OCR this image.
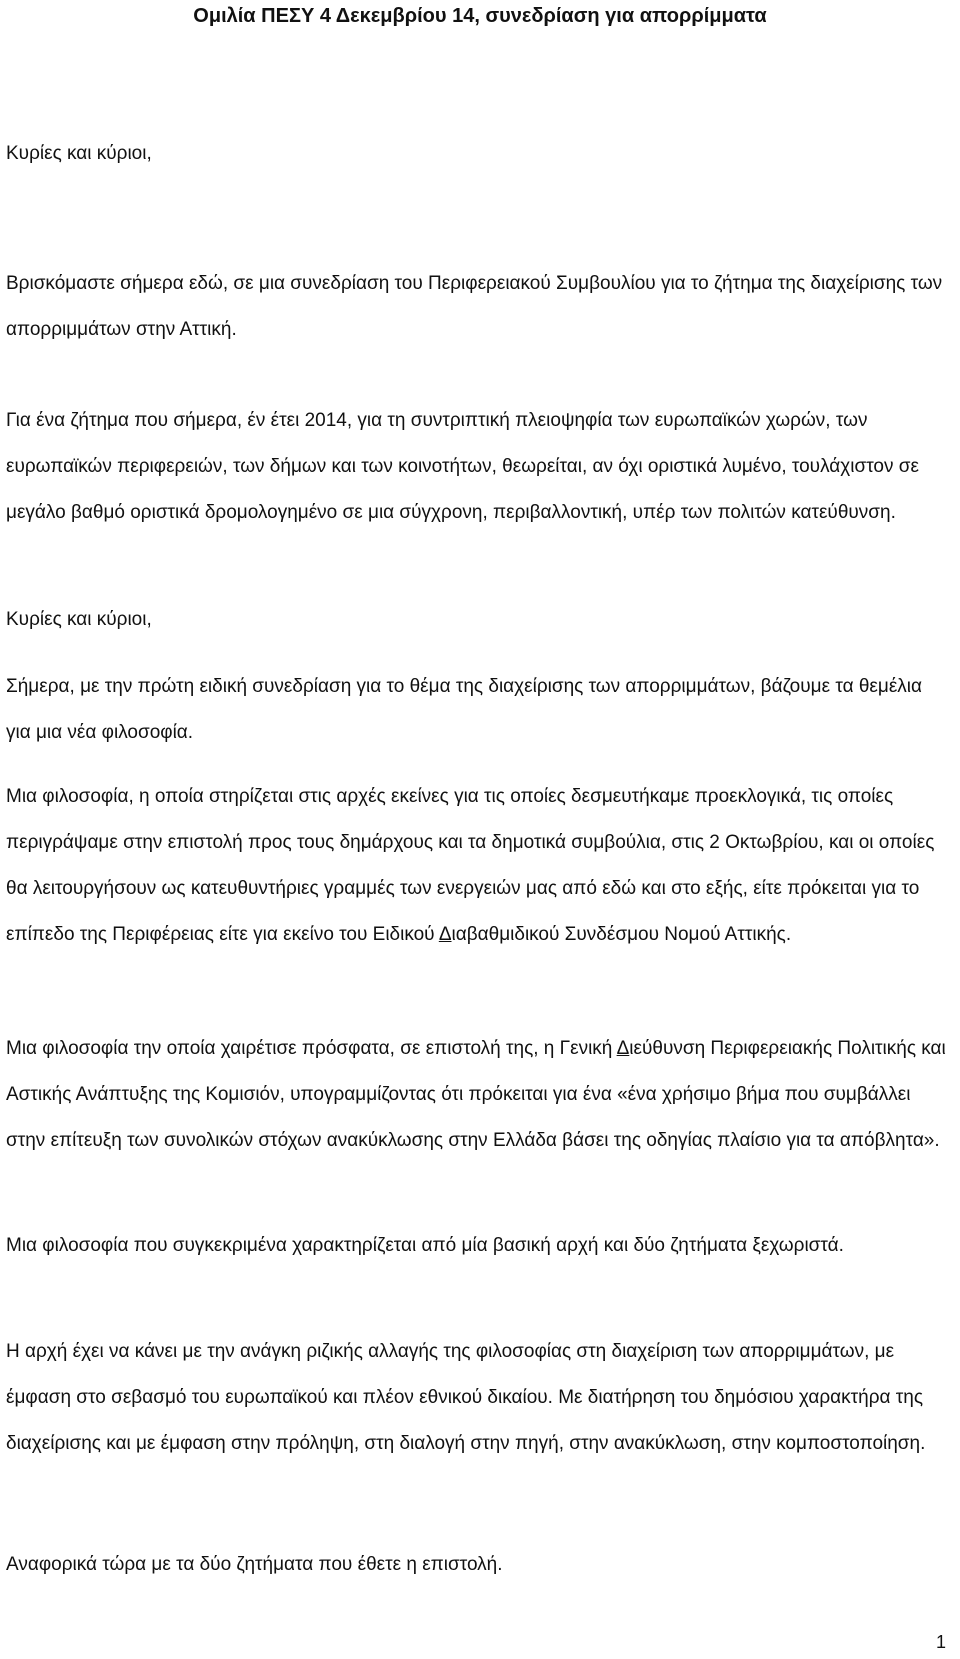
Ομιλία ΠΕΣΥ 4 Δεκεμβρίου 14, συνεδρίαση για απορρίμματα

Κυρίες και κύριοι,

Βρισκόμαστε σήμερα εδώ, σε μια συνεδρίαση του Περιφερειακού Συμβουλίου για το ζήτημα της διαχείρισης των απορριμμάτων στην Αττική.

Για ένα ζήτημα που σήμερα, έν έτει 2014, για τη συντριπτική πλειοψηφία των ευρωπαϊκών χωρών, των ευρωπαϊκών περιφερειών, των δήμων και των κοινοτήτων, θεωρείται, αν όχι οριστικά λυμένο, τουλάχιστον σε μεγάλο βαθμό οριστικά δρομολογημένο σε μια σύγχρονη, περιβαλλοντική, υπέρ των πολιτών κατεύθυνση.

Κυρίες και κύριοι,

Σήμερα, με την πρώτη ειδική συνεδρίαση για το θέμα της διαχείρισης των απορριμμάτων, βάζουμε τα θεμέλια για μια νέα φιλοσοφία.

Μια φιλοσοφία, η οποία στηρίζεται στις αρχές εκείνες για τις οποίες δεσμευτήκαμε προεκλογικά, τις οποίες περιγράψαμε στην επιστολή προς τους δημάρχους και τα δημοτικά συμβούλια, στις 2 Οκτωβρίου, και οι οποίες θα λειτουργήσουν ως κατευθυντήριες γραμμές των ενεργειών μας από εδώ και στο εξής, είτε πρόκειται για το επίπεδο της Περιφέρειας είτε για εκείνο του Ειδικού Διαβαθμιδικού Συνδέσμου Νομού Αττικής.

Μια φιλοσοφία την οποία χαιρέτισε πρόσφατα, σε επιστολή της, η Γενική Διεύθυνση Περιφερειακής Πολιτικής και Αστικής Ανάπτυξης της Κομισιόν, υπογραμμίζοντας ότι πρόκειται για ένα «ένα χρήσιμο βήμα που συμβάλλει στην επίτευξη των συνολικών στόχων ανακύκλωσης στην Ελλάδα βάσει της οδηγίας πλαίσιο για τα απόβλητα».

Μια φιλοσοφία που συγκεκριμένα χαρακτηρίζεται από μία βασική αρχή και δύο ζητήματα ξεχωριστά.

Η αρχή έχει να κάνει με την ανάγκη ριζικής αλλαγής της φιλοσοφίας στη διαχείριση των απορριμμάτων, με έμφαση στο σεβασμό του ευρωπαϊκού και πλέον εθνικού δικαίου. Με διατήρηση του δημόσιου χαρακτήρα της διαχείρισης και με έμφαση στην πρόληψη, στη διαλογή στην πηγή, στην ανακύκλωση, στην κομποστοποίηση.

Αναφορικά τώρα με τα δύο ζητήματα που έθετε η επιστολή.

1
